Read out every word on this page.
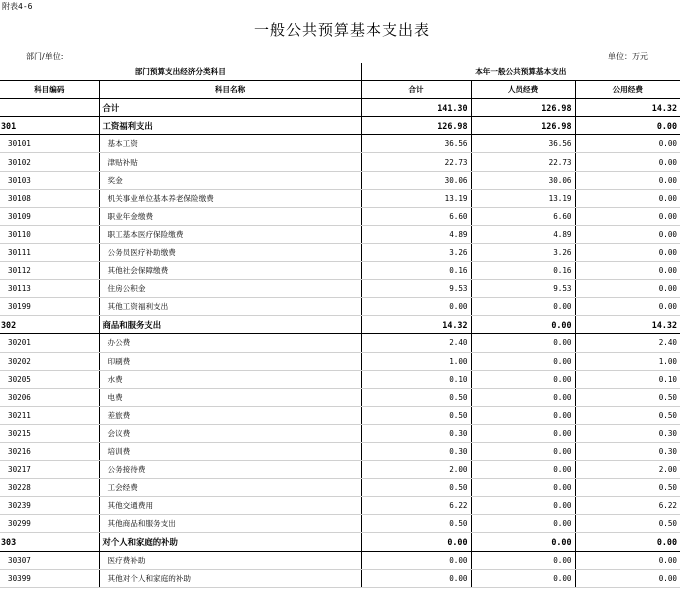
附表4-6
一般公共预算基本支出表
部门/单位:	单位：万元
部门预算支出经济分类科目		本年一般公共预算基本支出		
科目编码	科目名称	合计	人员经费	公用经费
	合计	141.30	126.98	14.32
301	工资福利支出	126.98	126.98	0.00
30101	基本工资	36.56	36.56	0.00
30102	津贴补贴	22.73	22.73	0.00
30103	奖金	30.06	30.06	0.00
30108	机关事业单位基本养老保险缴费	13.19	13.19	0.00
30109	职业年金缴费	6.60	6.60	0.00
30110	职工基本医疗保险缴费	4.89	4.89	0.00
30111	公务员医疗补助缴费	3.26	3.26	0.00
30112	其他社会保障缴费	0.16	0.16	0.00
30113	住房公积金	9.53	9.53	0.00
30199	其他工资福利支出	0.00	0.00	0.00
302	商品和服务支出	14.32	0.00	14.32
30201	办公费	2.40	0.00	2.40
30202	印刷费	1.00	0.00	1.00
30205	水费	0.10	0.00	0.10
30206	电费	0.50	0.00	0.50
30211	差旅费	0.50	0.00	0.50
30215	会议费	0.30	0.00	0.30
30216	培训费	0.30	0.00	0.30
30217	公务接待费	2.00	0.00	2.00
30228	工会经费	0.50	0.00	0.50
30239	其他交通费用	6.22	0.00	6.22
30299	其他商品和服务支出	0.50	0.00	0.50
303	对个人和家庭的补助	0.00	0.00	0.00
30307	医疗费补助	0.00	0.00	0.00
30399	其他对个人和家庭的补助	0.00	0.00	0.00
